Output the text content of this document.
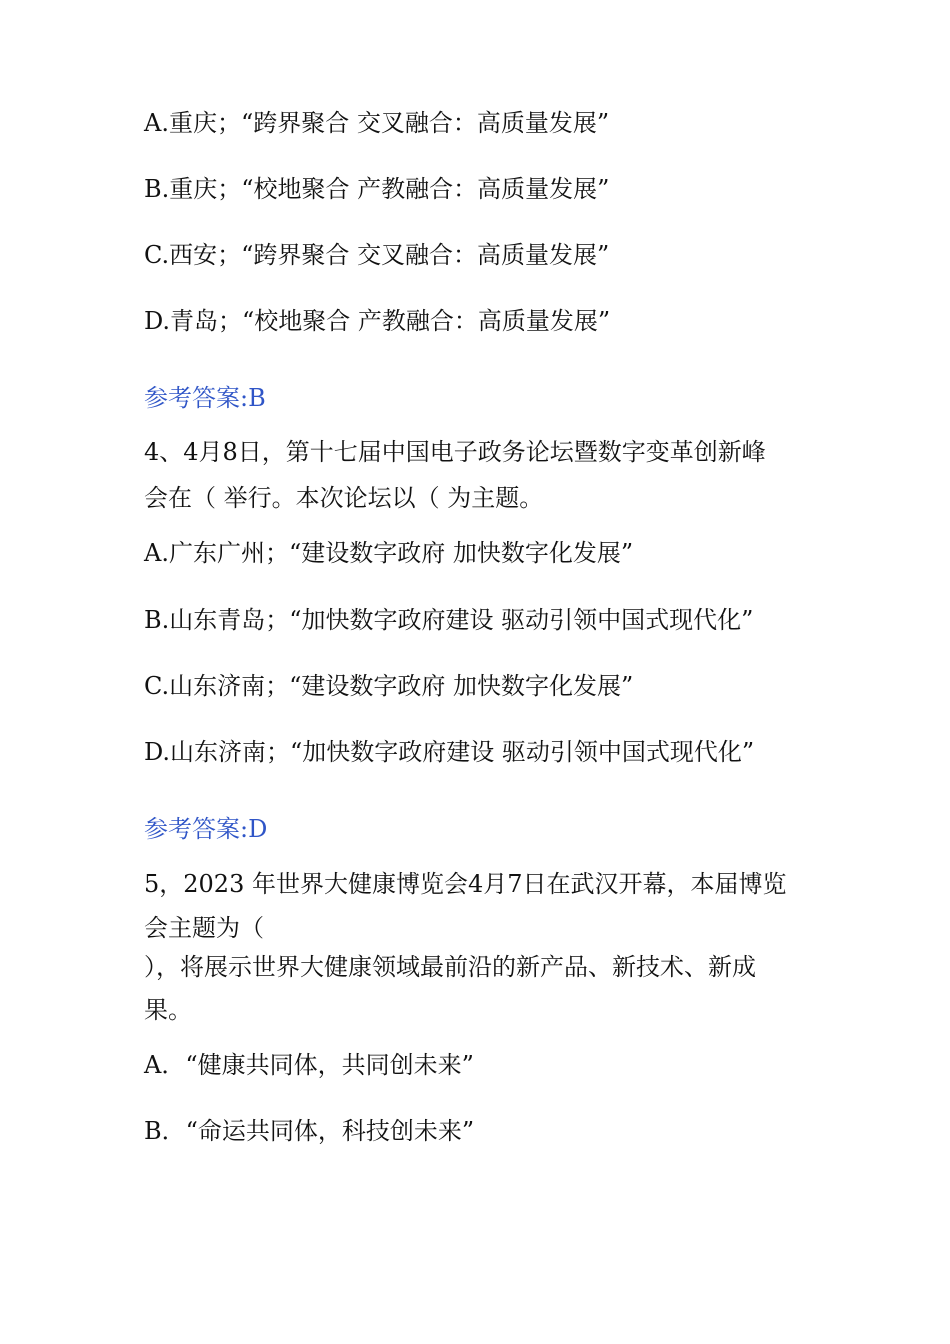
A.重庆；“跨界聚合 交叉融合：高质量发展”

B.重庆；“校地聚合 产教融合：高质量发展”

C.西安；“跨界聚合 交叉融合：高质量发展”

D.青岛；“校地聚合 产教融合：高质量发展”

参考答案:B

4、4月8日，第十七届中国电子政务论坛暨数字变革创新峰

会在（ 举行。本次论坛以（ 为主题。

A.广东广州；“建设数字政府 加快数字化发展”

B.山东青岛；“加快数字政府建设 驱动引领中国式现代化”

C.山东济南；“建设数字政府 加快数字化发展”

D.山东济南；“加快数字政府建设 驱动引领中国式现代化”

参考答案:D

5，2023 年世界大健康博览会4月7日在武汉开幕，本届博览

会主题为（

），将展示世界大健康领域最前沿的新产品、新技术、新成

果。

A．“健康共同体，共同创未来”

B．“命运共同体，科技创未来”
